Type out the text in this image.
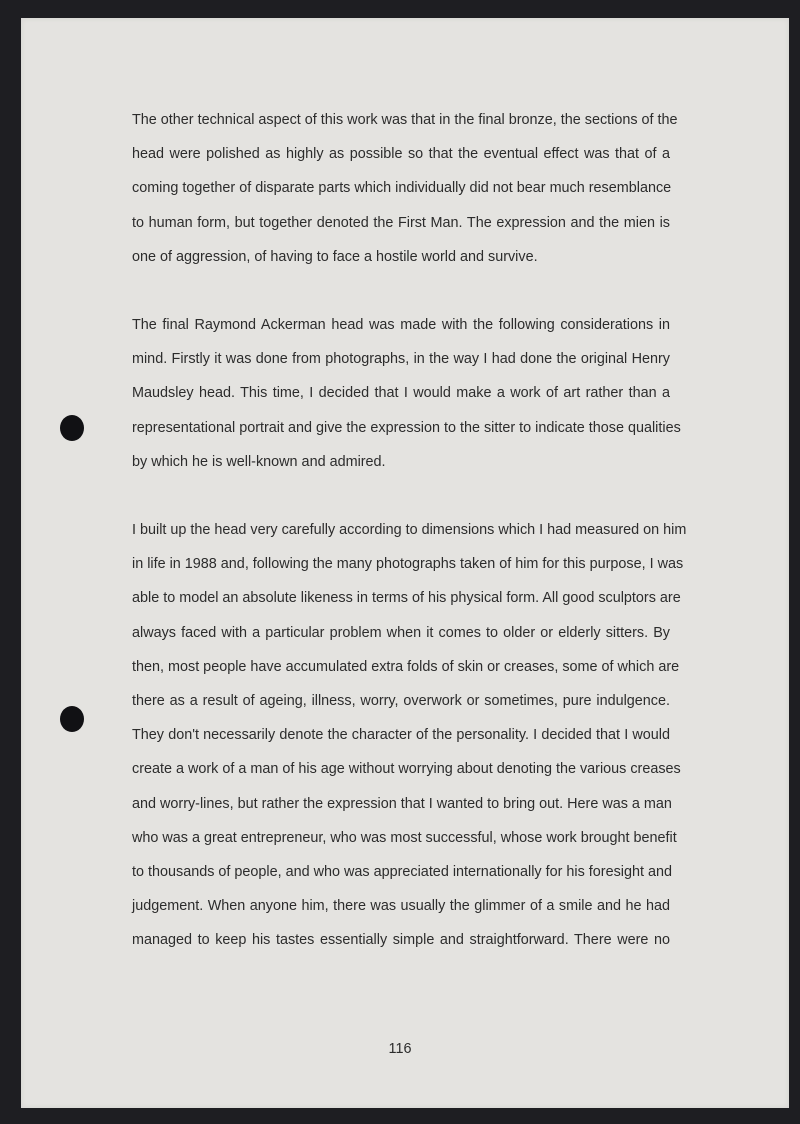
The other technical aspect of this work was that in the final bronze, the sections of the
head were polished as highly as possible so that the eventual effect was that of a
coming together of disparate parts which individually did not bear much resemblance
to human form, but together denoted the First Man. The expression and the mien is
one of aggression, of having to face a hostile world and survive.
The final Raymond Ackerman head was made with the following considerations in
mind. Firstly it was done from photographs, in the way I had done the original Henry
Maudsley head. This time, I decided that I would make a work of art rather than a
representational portrait and give the expression to the sitter to indicate those qualities
by which he is well-known and admired.
I built up the head very carefully according to dimensions which I had measured on him
in life in 1988 and, following the many photographs taken of him for this purpose, I was
able to model an absolute likeness in terms of his physical form. All good sculptors are
always faced with a particular problem when it comes to older or elderly sitters. By
then, most people have accumulated extra folds of skin or creases, some of which are
there as a result of ageing, illness, worry, overwork or sometimes, pure indulgence.
They don't necessarily denote the character of the personality. I decided that I would
create a work of a man of his age without worrying about denoting the various creases
and worry-lines, but rather the expression that I wanted to bring out. Here was a man
who was a great entrepreneur, who was most successful, whose work brought benefit
to thousands of people, and who was appreciated internationally for his foresight and
judgement. When anyone him, there was usually the glimmer of a smile and he had
managed to keep his tastes essentially simple and straightforward. There were no
116
